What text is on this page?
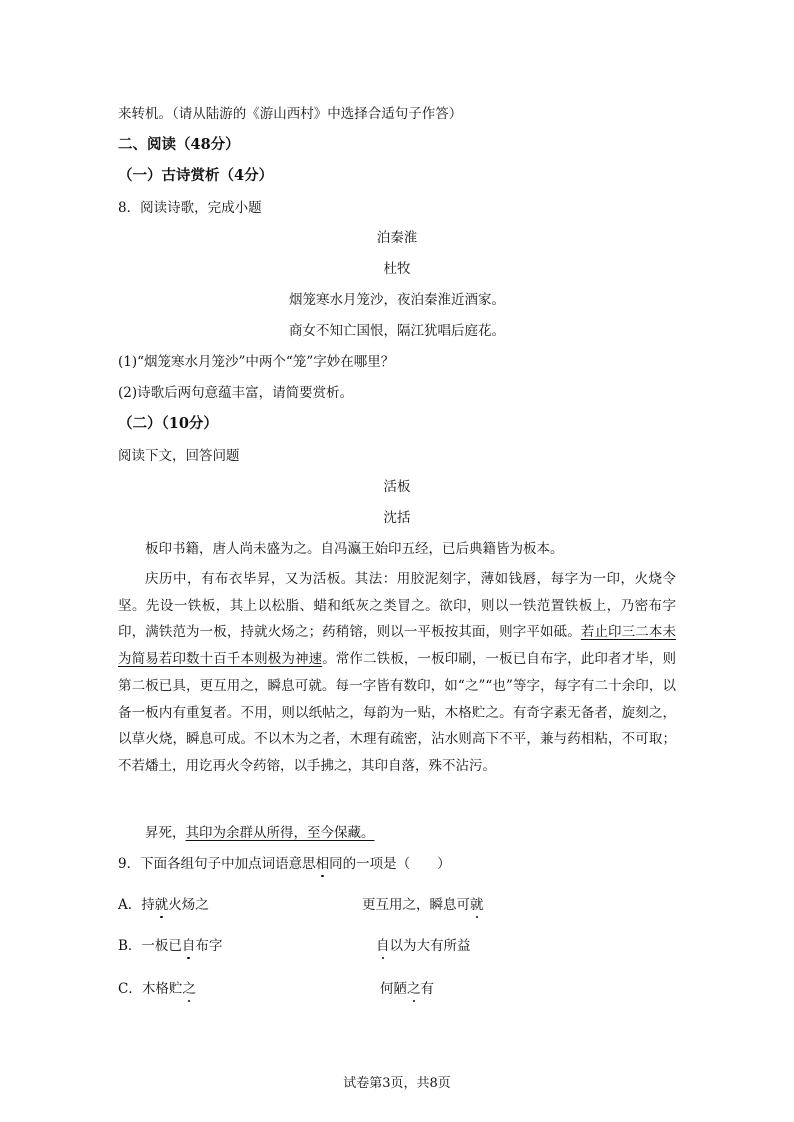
来转机。（请从陆游的《游山西村》中选择合适句子作答）
二、阅读（48分）
（一）古诗赏析（4分）
8．阅读诗歌，完成小题
泊秦淮
杜牧
烟笼寒水月笼沙，夜泊秦淮近酒家。
商女不知亡国恨，隔江犹唱后庭花。
(1)“烟笼寒水月笼沙”中两个“笼”字妙在哪里？
(2)诗歌后两句意蕴丰富，请简要赏析。
（二）（10分）
阅读下文，回答问题
活板
沈括
板印书籍，唐人尚未盛为之。自冯瀛王始印五经，已后典籍皆为板本。
庆历中，有布衣毕昇，又为活板。其法：用胶泥刻字，薄如钱唇，每字为一印，火烧令坚。先设一铁板，其上以松脂、蜡和纸灰之类冒之。欲印，则以一铁范置铁板上，乃密布字印，满铁范为一板，持就火炀之；药稍镕，则以一平板按其面，则字平如砥。若止印三二本未为简易若印数十百千本则极为神速。常作二铁板，一板印刷，一板已自布字，此印者才毕，则第二板已具，更互用之，瞬息可就。每一字皆有数印，如“之”“也”等字，每字有二十余印，以备一板内有重复者。不用，则以纸帖之，每韵为一贴，木格贮之。有奇字素无备者，旋刻之，以草火烧，瞬息可成。不以木为之者，木理有疏密，沾水则高下不平，兼与药相粘，不可取；不若燔土，用讫再火令药镕，以手拂之，其印自落，殊不沾污。
昇死，其印为余群从所得，至今保藏。
9．下面各组句子中加点词语意思相同的一项是（　　）
A．持就火炀之	更互用之，瞬息可就
B．一板已自布字	自以为大有所益
C．木格贮之	何陋之有
试卷第3页，共8页
